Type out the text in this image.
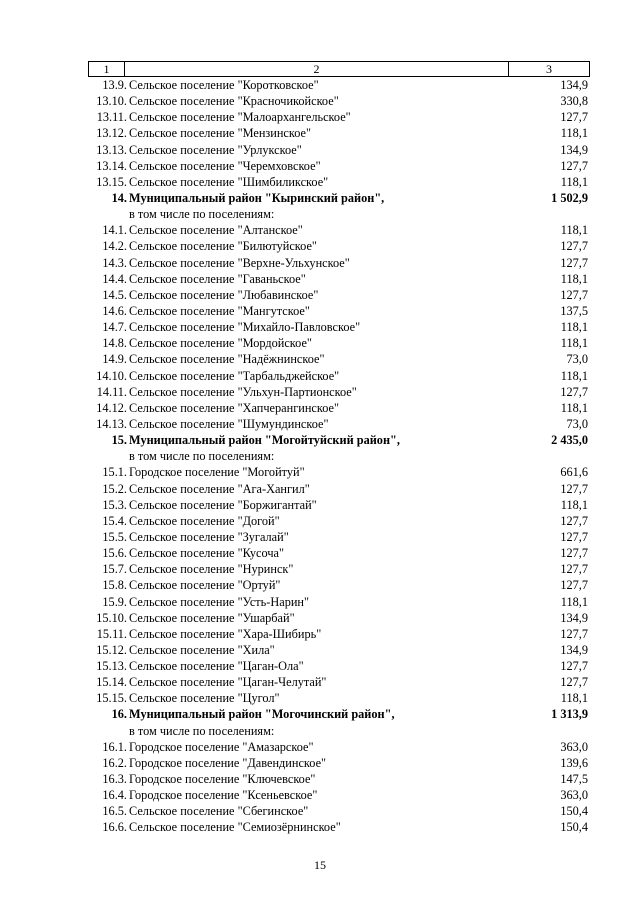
1	2	3
13.9. Сельское поселение "Коротковское"	134,9
13.10. Сельское поселение "Красночикойское"	330,8
13.11. Сельское поселение "Малоархангельское"	127,7
13.12. Сельское поселение "Мензинское"	118,1
13.13. Сельское поселение "Урлукское"	134,9
13.14. Сельское поселение "Черемховское"	127,7
13.15. Сельское поселение "Шимбиликское"	118,1
14. Муниципальный район "Кыринский район",	1 502,9
в том числе по поселениям:
14.1. Сельское поселение "Алтанское"	118,1
14.2. Сельское поселение "Билютуйское"	127,7
14.3. Сельское поселение "Верхне-Ульхунское"	127,7
14.4. Сельское поселение "Гаваньское"	118,1
14.5. Сельское поселение "Любавинское"	127,7
14.6. Сельское поселение "Мангутское"	137,5
14.7. Сельское поселение "Михайло-Павловское"	118,1
14.8. Сельское поселение "Мордойское"	118,1
14.9. Сельское поселение "Надёжнинское"	73,0
14.10. Сельское поселение "Тарбальджейское"	118,1
14.11. Сельское поселение "Ульхун-Партионское"	127,7
14.12. Сельское поселение "Хапчерангинское"	118,1
14.13. Сельское поселение "Шумундинское"	73,0
15. Муниципальный район "Могойтуйский район",	2 435,0
в том числе по поселениям:
15.1. Городское поселение "Могойтуй"	661,6
15.2. Сельское поселение "Ага-Хангил"	127,7
15.3. Сельское поселение "Боржигантай"	118,1
15.4. Сельское поселение "Догой"	127,7
15.5. Сельское поселение "Зугалай"	127,7
15.6. Сельское поселение "Кусоча"	127,7
15.7. Сельское поселение "Нуринск"	127,7
15.8. Сельское поселение "Ортуй"	127,7
15.9. Сельское поселение "Усть-Нарин"	118,1
15.10. Сельское поселение "Ушарбай"	134,9
15.11. Сельское поселение "Хара-Шибирь"	127,7
15.12. Сельское поселение "Хила"	134,9
15.13. Сельское поселение "Цаган-Ола"	127,7
15.14. Сельское поселение "Цаган-Челутай"	127,7
15.15. Сельское поселение "Цугол"	118,1
16. Муниципальный район "Могочинский район",	1 313,9
в том числе по поселениям:
16.1. Городское поселение "Амазарское"	363,0
16.2. Городское поселение "Давендинское"	139,6
16.3. Городское поселение "Ключевское"	147,5
16.4. Городское поселение "Ксеньевское"	363,0
16.5. Сельское поселение "Сбегинское"	150,4
16.6. Сельское поселение "Семиозёрнинское"	150,4
15
